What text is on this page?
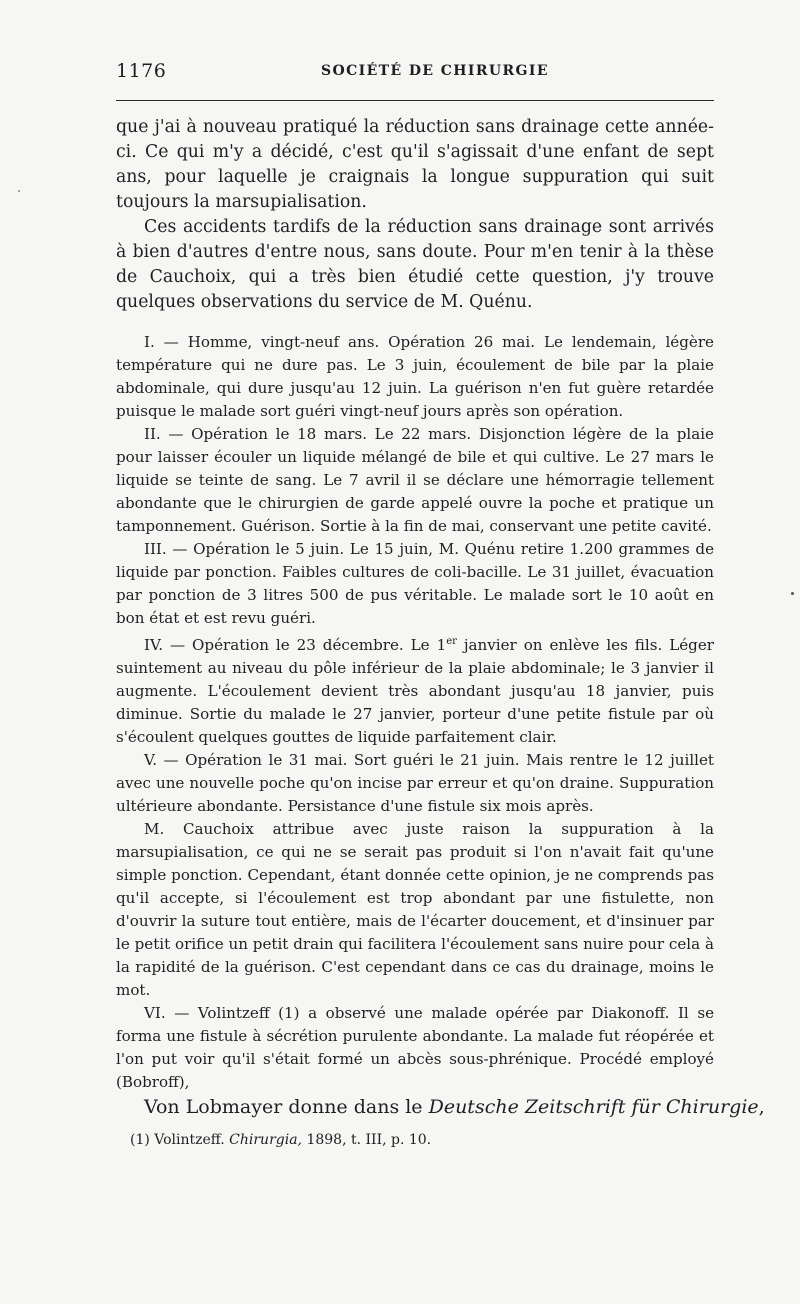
1176	SOCIÉTÉ DE CHIRURGIE

que j'ai à nouveau pratiqué la réduction sans drainage cette année-ci. Ce qui m'y a décidé, c'est qu'il s'agissait d'une enfant de sept ans, pour laquelle je craignais la longue suppuration qui suit toujours la marsupialisation.

Ces accidents tardifs de la réduction sans drainage sont arrivés à bien d'autres d'entre nous, sans doute. Pour m'en tenir à la thèse de Cauchoix, qui a très bien étudié cette question, j'y trouve quelques observations du service de M. Quénu.

I. — Homme, vingt-neuf ans. Opération 26 mai. Le lendemain, légère température qui ne dure pas. Le 3 juin, écoulement de bile par la plaie abdominale, qui dure jusqu'au 12 juin. La guérison n'en fut guère retardée puisque le malade sort guéri vingt-neuf jours après son opération.

II. — Opération le 18 mars. Le 22 mars. Disjonction légère de la plaie pour laisser écouler un liquide mélangé de bile et qui cultive. Le 27 mars le liquide se teinte de sang. Le 7 avril il se déclare une hémorragie tellement abondante que le chirurgien de garde appelé ouvre la poche et pratique un tamponnement. Guérison. Sortie à la fin de mai, conservant une petite cavité.

III. — Opération le 5 juin. Le 15 juin, M. Quénu retire 1.200 grammes de liquide par ponction. Faibles cultures de coli-bacille. Le 31 juillet, évacuation par ponction de 3 litres 500 de pus véritable. Le malade sort le 10 août en bon état et est revu guéri.

IV. — Opération le 23 décembre. Le 1er janvier on enlève les fils. Léger suintement au niveau du pôle inférieur de la plaie abdominale; le 3 janvier il augmente. L'écoulement devient très abondant jusqu'au 18 janvier, puis diminue. Sortie du malade le 27 janvier, porteur d'une petite fistule par où s'écoulent quelques gouttes de liquide parfaitement clair.

V. — Opération le 31 mai. Sort guéri le 21 juin. Mais rentre le 12 juillet avec une nouvelle poche qu'on incise par erreur et qu'on draine. Suppuration ultérieure abondante. Persistance d'une fistule six mois après.

M. Cauchoix attribue avec juste raison la suppuration à la marsupialisation, ce qui ne se serait pas produit si l'on n'avait fait qu'une simple ponction. Cependant, étant donnée cette opinion, je ne comprends pas qu'il accepte, si l'écoulement est trop abondant par une fistulette, non d'ouvrir la suture tout entière, mais de l'écarter doucement, et d'insinuer par le petit orifice un petit drain qui facilitera l'écoulement sans nuire pour cela à la rapidité de la guérison. C'est cependant dans ce cas du drainage, moins le mot.

VI. — Volintzeff (1) a observé une malade opérée par Diakonoff. Il se forma une fistule à sécrétion purulente abondante. La malade fut réopérée et l'on put voir qu'il s'était formé un abcès sous-phrénique. Procédé employé (Bobroff),

Von Lobmayer donne dans le Deutsche Zeitschrift für Chirurgie,

(1) Volintzeff. Chirurgia, 1898, t. III, p. 10.
